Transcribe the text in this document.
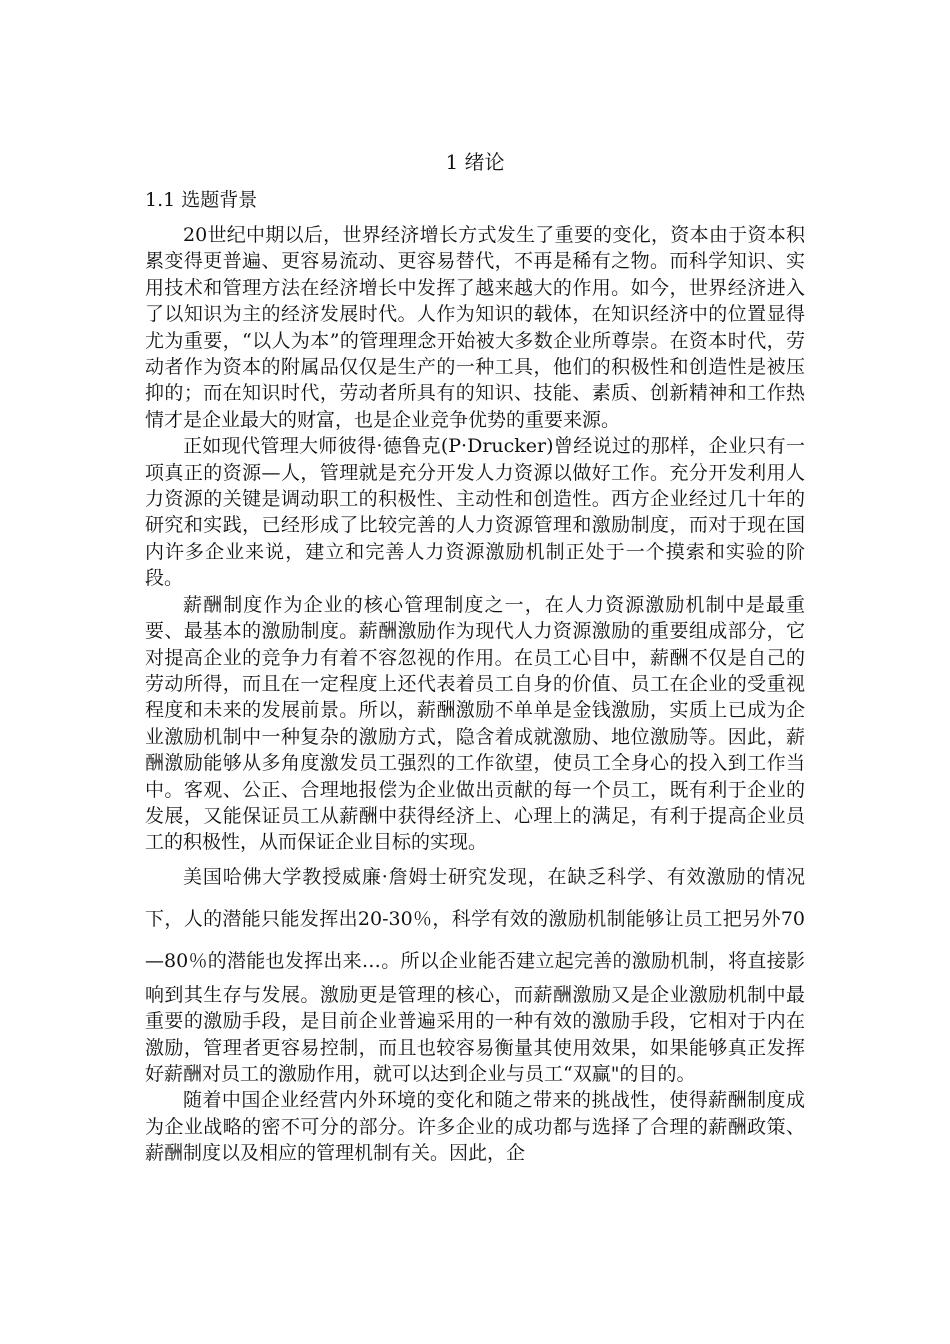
1 绪论
1.1 选题背景

20世纪中期以后，世界经济增长方式发生了重要的变化，资本由于资本积累变得更普遍、更容易流动、更容易替代，不再是稀有之物。而科学知识、实用技术和管理方法在经济增长中发挥了越来越大的作用。如今，世界经济进入了以知识为主的经济发展时代。人作为知识的载体，在知识经济中的位置显得尤为重要，“以人为本”的管理理念开始被大多数企业所尊崇。在资本时代，劳动者作为资本的附属品仅仅是生产的一种工具，他们的积极性和创造性是被压抑的；而在知识时代，劳动者所具有的知识、技能、素质、创新精神和工作热情才是企业最大的财富，也是企业竞争优势的重要来源。

正如现代管理大师彼得·德鲁克(P·Drucker)曾经说过的那样，企业只有一项真正的资源—人，管理就是充分开发人力资源以做好工作。充分开发利用人力资源的关键是调动职工的积极性、主动性和创造性。西方企业经过几十年的研究和实践，已经形成了比较完善的人力资源管理和激励制度，而对于现在国内许多企业来说，建立和完善人力资源激励机制正处于一个摸索和实验的阶段。

薪酬制度作为企业的核心管理制度之一，在人力资源激励机制中是最重要、最基本的激励制度。薪酬激励作为现代人力资源激励的重要组成部分，它对提高企业的竞争力有着不容忽视的作用。在员工心目中，薪酬不仅是自己的劳动所得，而且在一定程度上还代表着员工自身的价值、员工在企业的受重视程度和未来的发展前景。所以，薪酬激励不单单是金钱激励，实质上已成为企业激励机制中一种复杂的激励方式，隐含着成就激励、地位激励等。因此，薪酬激励能够从多角度激发员工强烈的工作欲望，使员工全身心的投入到工作当中。客观、公正、合理地报偿为企业做出贡献的每一个员工，既有利于企业的发展，又能保证员工从薪酬中获得经济上、心理上的满足，有利于提高企业员工的积极性，从而保证企业目标的实现。

美国哈佛大学教授威廉·詹姆士研究发现，在缺乏科学、有效激励的情况下，人的潜能只能发挥出20-30％，科学有效的激励机制能够让员工把另外70—80％的潜能也发挥出来…。所以企业能否建立起完善的激励机制，将直接影响到其生存与发展。激励更是管理的核心，而薪酬激励又是企业激励机制中最重要的激励手段，是目前企业普遍采用的一种有效的激励手段，它相对于内在激励，管理者更容易控制，而且也较容易衡量其使用效果，如果能够真正发挥好薪酬对员工的激励作用，就可以达到企业与员工“双赢"的目的。

随着中国企业经营内外环境的变化和随之带来的挑战性，使得薪酬制度成为企业战略的密不可分的部分。许多企业的成功都与选择了合理的薪酬政策、薪酬制度以及相应的管理机制有关。因此，企
